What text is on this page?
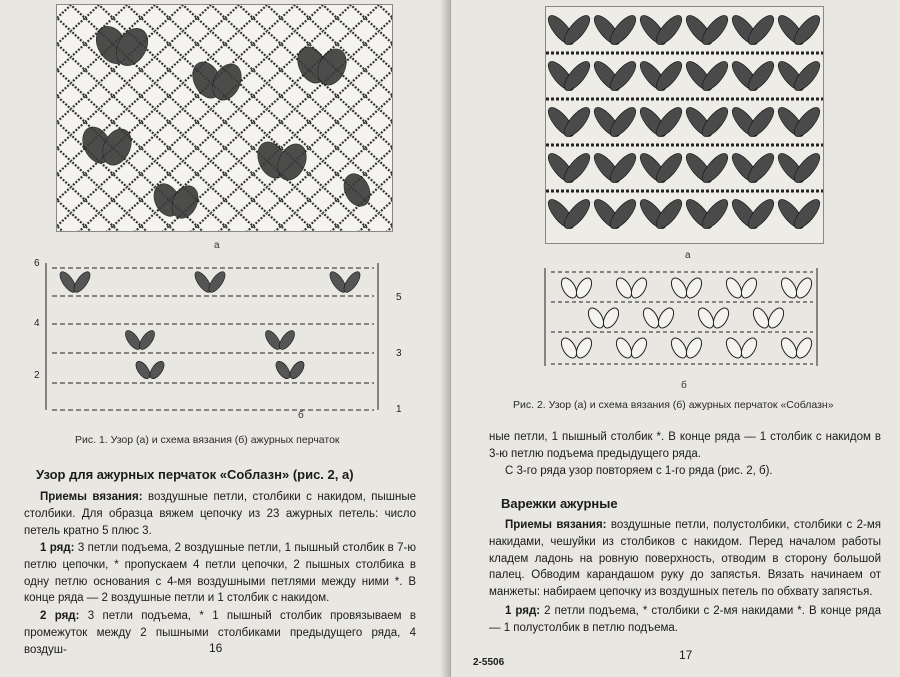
а
6
5
4
3
2
1
б
Рис. 1. Узор (а) и схема вязания (б) ажурных перчаток
Узор для ажурных перчаток «Соблазн» (рис. 2, а)

Приемы вязания: воздушные петли, столбики с накидом, пышные столбики. Для образца вяжем цепочку из 23 ажурных петель: число петель кратно 5 плюс 3.

1 ряд: 3 петли подъема, 2 воздушные петли, 1 пышный столбик в 7-ю петлю цепочки, * пропускаем 4 петли цепочки, 2 пышных столбика в одну петлю основания с 4-мя воздушными петлями между ними *. В конце ряда — 2 воздушные петли и 1 столбик с накидом.

2 ряд: 3 петли подъема, * 1 пышный столбик провязываем в промежуток между 2 пышными столбиками предыдущего ряда, 4 воздуш-	16
а
б
Рис. 2. Узор (а) и схема вязания (б) ажурных перчаток «Соблазн»

ные петли, 1 пышный столбик *. В конце ряда — 1 столбик с накидом в 3-ю петлю подъема предыдущего ряда.

С 3-го ряда узор повторяем с 1-го ряда (рис. 2, б).

Варежки ажурные

Приемы вязания: воздушные петли, полустолбики, столбики с 2-мя накидами, чешуйки из столбиков с накидом. Перед началом работы кладем ладонь на ровную поверхность, отводим в сторону большой палец. Обводим карандашом руку до запястья. Вязать начинаем от манжеты: набираем цепочку из воздушных петель по обхвату запястья.

1 ряд: 2 петли подъема, * столбики с 2-мя накидами *. В конце ряда — 1 полустолбик в петлю подъема.

17
2-5506
